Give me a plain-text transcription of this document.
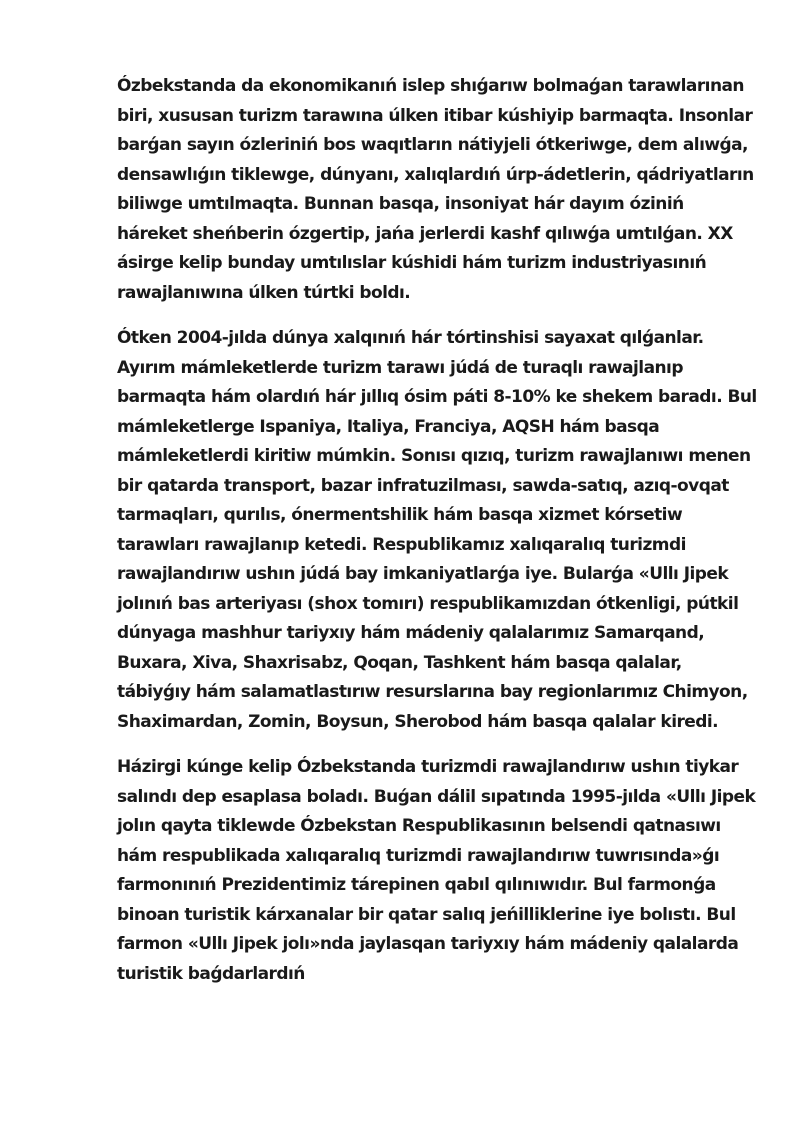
Ózbekstanda da ekonomikanıń islep shıǵarıw bolmaǵan tarawlarınan biri, xususan turizm tarawına úlken itibar kúshiyip barmaqta. Insonlar barǵan sayın ózleriniń bos waqıtların nátiyjeli ótkeriwge, dem alıwǵa, densawlıǵın tiklewge, dúnyanı, xalıqlardıń úrp-ádetlerin, qádriyatların biliwge umtılmaqta. Bunnan basqa, insoniyat hár dayım óziniń háreket sheńberin ózgertip, jańa jerlerdi kashf qılıwǵa umtılǵan. XX ásirge kelip bunday umtılıslar kúshidi hám turizm industriyasınıń rawajlanıwına úlken túrtki boldı.

Ótken 2004-jılda dúnya xalqınıń hár tórtinshisi sayaxat qılǵanlar. Ayırım mámleketlerde turizm tarawı júdá de turaqlı rawajlanıp barmaqta hám olardıń hár jıllıq ósim páti 8-10% ke shekem baradı. Bul mámleketlerge Ispaniya, Italiya, Franciya, AQSH hám basqa mámleketlerdi kiritiw múmkin. Sonısı qızıq, turizm rawajlanıwı menen bir qatarda transport, bazar infratuzilması, sawda-satıq, azıq-ovqat tarmaqları, qurılıs, ónermentshilik hám basqa xizmet kórsetiw tarawları rawajlanıp ketedi. Respublikamız xalıqaralıq turizmdi rawajlandırıw ushın júdá bay imkaniyatlarǵa iye. Bularǵa «Ullı Jipek jolınıń bas arteriyası (shox tomırı) respublikamızdan ótkenligi, pútkil dúnyaga mashhur tariyxıy hám mádeniy qalalarımız Samarqand, Buxara, Xiva, Shaxrisabz, Qoqan, Tashkent hám basqa qalalar, tábiyǵıy hám salamatlastırıw resurslarına bay regionlarımız Chimyon, Shaximardan, Zomin, Boysun, Sherobod hám basqa qalalar kiredi.

Házirgi kúnge kelip Ózbekstanda turizmdi rawajlandırıw ushın tiykar salındı dep esaplasa boladı. Buǵan dálil sıpatında 1995-jılda «Ullı Jipek jolın qayta tiklewde Ózbekstan Respublikasının belsendi qatnasıwı hám respublikada xalıqaralıq turizmdi rawajlandırıw tuwrısında»ǵı farmonınıń Prezidentimiz tárepinen qabıl qılınıwıdır. Bul farmonǵa binoan turistik kárxanalar bir qatar salıq jeńilliklerine iye bolıstı. Bul farmon «Ullı Jipek jolı»nda jaylasqan tariyxıy hám mádeniy qalalarda turistik baǵdarlardıń
